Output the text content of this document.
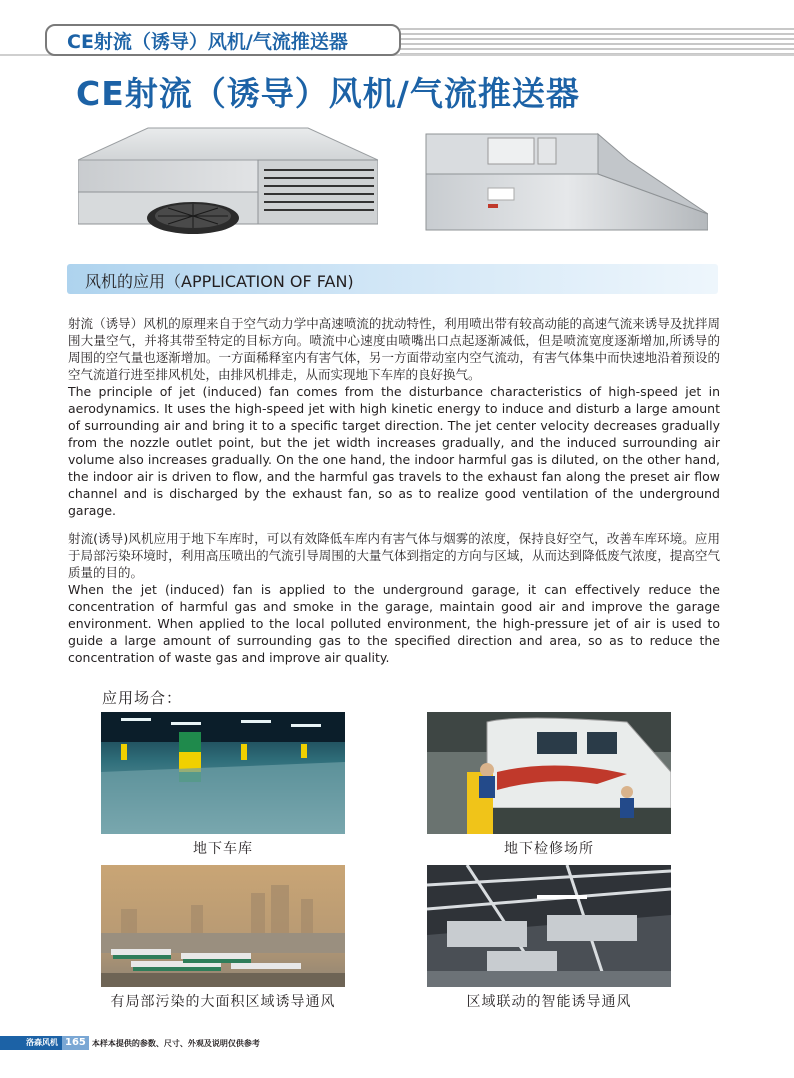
CE射流（诱导）风机/气流推送器
CE射流（诱导）风机/气流推送器
风机的应用（APPLICATION OF FAN)

射流（诱导）风机的原理来自于空气动力学中高速喷流的扰动特性，利用喷出带有较高动能的高速气流来诱导及扰拌周围大量空气，并将其带至特定的目标方向。喷流中心速度由喷嘴出口点起逐渐减低，但是喷流宽度逐渐增加,所诱导的周围的空气量也逐渐增加。一方面稀释室内有害气体，另一方面带动室内空气流动，有害气体集中而快速地沿着预设的空气流道行进至排风机处，由排风机排走，从而实现地下车库的良好换气。

The principle of jet (induced) fan comes from the disturbance characteristics of high-speed jet in aerodynamics. It uses the high-speed jet with high kinetic energy to induce and disturb a large amount of surrounding air and bring it to a specific target direction. The jet center velocity decreases gradually from the nozzle outlet point, but the jet width increases gradually, and the induced surrounding air volume also increases gradually. On the one hand, the indoor harmful gas is diluted, on the other hand, the indoor air is driven to flow, and the harmful gas travels to the exhaust fan along the preset air flow channel and is discharged by the exhaust fan, so as to realize good ventilation of the underground garage.

射流(诱导)风机应用于地下车库时，可以有效降低车库内有害气体与烟雾的浓度，保持良好空气，改善车库环境。应用于局部污染环境时，利用高压喷出的气流引导周围的大量气体到指定的方向与区域，从而达到降低废气浓度，提高空气质量的目的。

When the jet (induced) fan is applied to the underground garage, it can effectively reduce the concentration of harmful gas and smoke in the garage, maintain good air and improve the garage environment. When applied to the local polluted environment, the high-pressure jet of air is used to guide a large amount of surrounding gas to the specified direction and area, so as to reduce the concentration of waste gas and improve air quality.

应用场合：
地下车库	地下检修场所
有局部污染的大面积区域诱导通风	区域联动的智能诱导通风
洛森风机 165 本样本提供的参数、尺寸、外观及说明仅供参考
